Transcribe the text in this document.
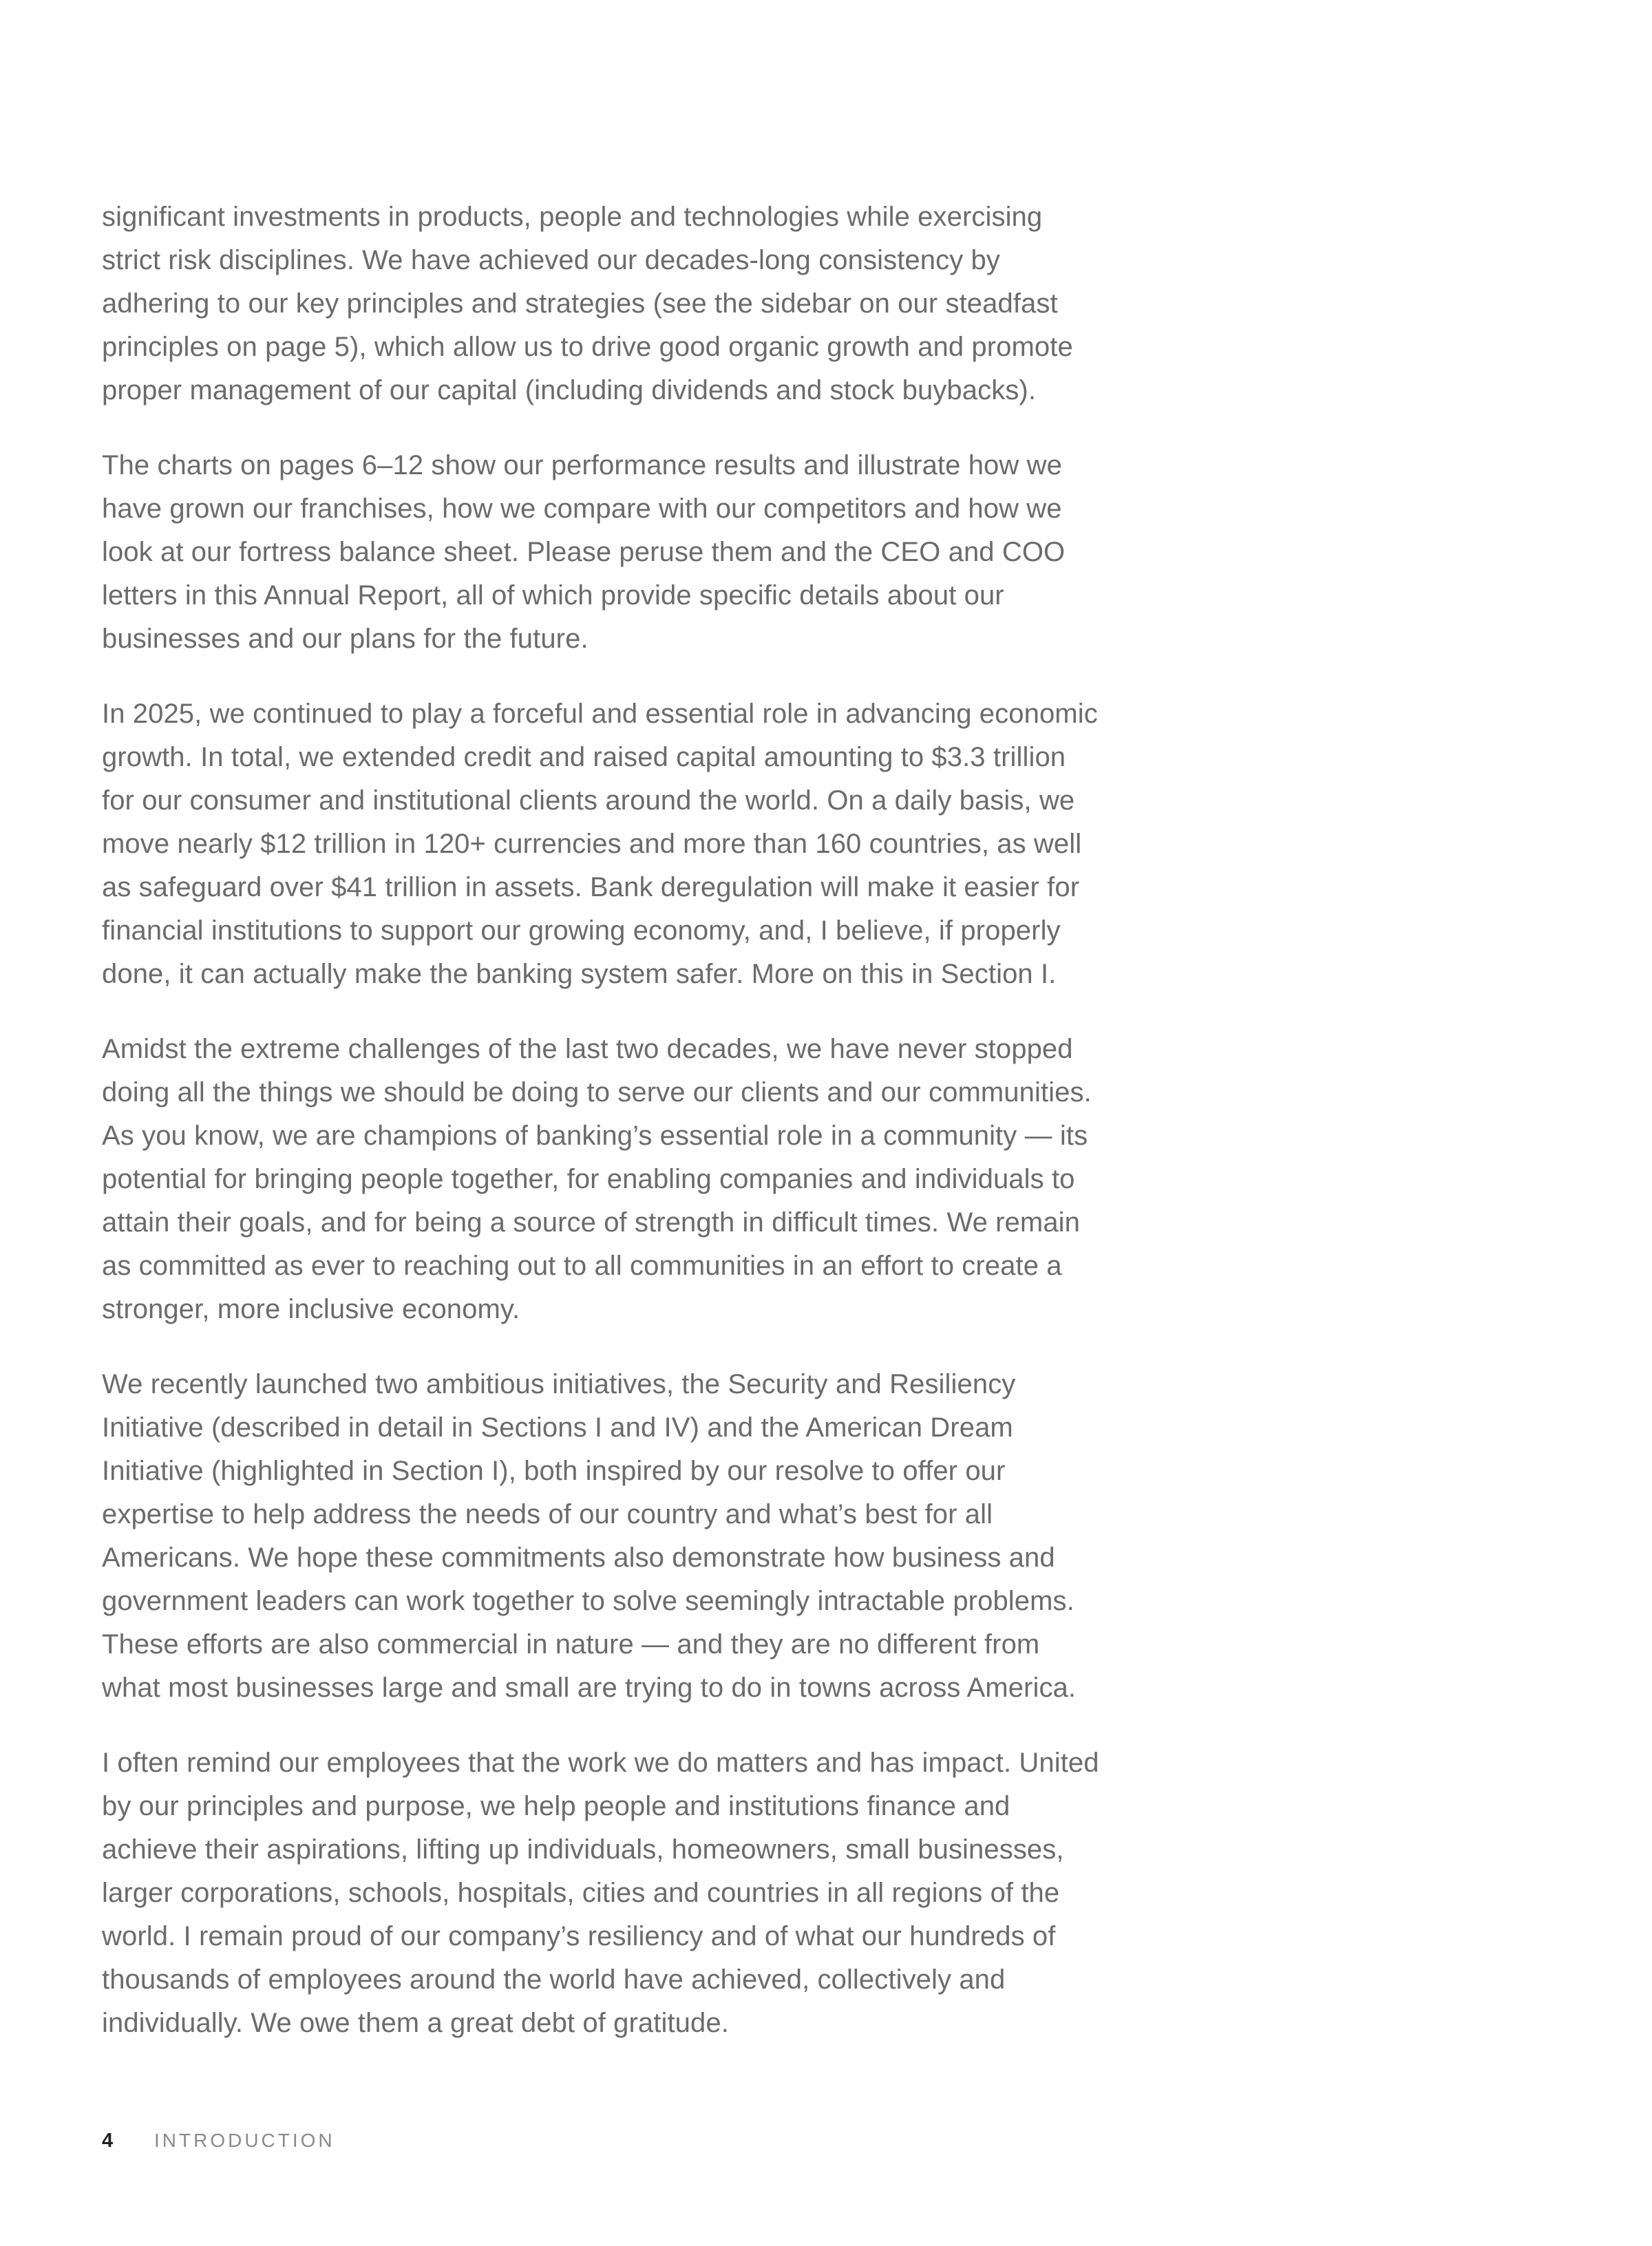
significant investments in products, people and technologies while exercising
strict risk disciplines. We have achieved our decades-long consistency by
adhering to our key principles and strategies (see the sidebar on our steadfast
principles on page 5), which allow us to drive good organic growth and promote
proper management of our capital (including dividends and stock buybacks).

The charts on pages 6–12 show our performance results and illustrate how we
have grown our franchises, how we compare with our competitors and how we
look at our fortress balance sheet. Please peruse them and the CEO and COO
letters in this Annual Report, all of which provide specific details about our
businesses and our plans for the future.

In 2025, we continued to play a forceful and essential role in advancing economic
growth. In total, we extended credit and raised capital amounting to $3.3 trillion
for our consumer and institutional clients around the world. On a daily basis, we
move nearly $12 trillion in 120+ currencies and more than 160 countries, as well
as safeguard over $41 trillion in assets. Bank deregulation will make it easier for
financial institutions to support our growing economy, and, I believe, if properly
done, it can actually make the banking system safer. More on this in Section I.

Amidst the extreme challenges of the last two decades, we have never stopped
doing all the things we should be doing to serve our clients and our communities.
As you know, we are champions of banking’s essential role in a community — its
potential for bringing people together, for enabling companies and individuals to
attain their goals, and for being a source of strength in difficult times. We remain
as committed as ever to reaching out to all communities in an effort to create a
stronger, more inclusive economy.

We recently launched two ambitious initiatives, the Security and Resiliency
Initiative (described in detail in Sections I and IV) and the American Dream
Initiative (highlighted in Section I), both inspired by our resolve to offer our
expertise to help address the needs of our country and what’s best for all
Americans. We hope these commitments also demonstrate how business and
government leaders can work together to solve seemingly intractable problems.
These efforts are also commercial in nature — and they are no different from
what most businesses large and small are trying to do in towns across America.

I often remind our employees that the work we do matters and has impact. United
by our principles and purpose, we help people and institutions finance and
achieve their aspirations, lifting up individuals, homeowners, small businesses,
larger corporations, schools, hospitals, cities and countries in all regions of the
world. I remain proud of our company’s resiliency and of what our hundreds of
thousands of employees around the world have achieved, collectively and
individually. We owe them a great debt of gratitude.

4	INTRODUCTION
